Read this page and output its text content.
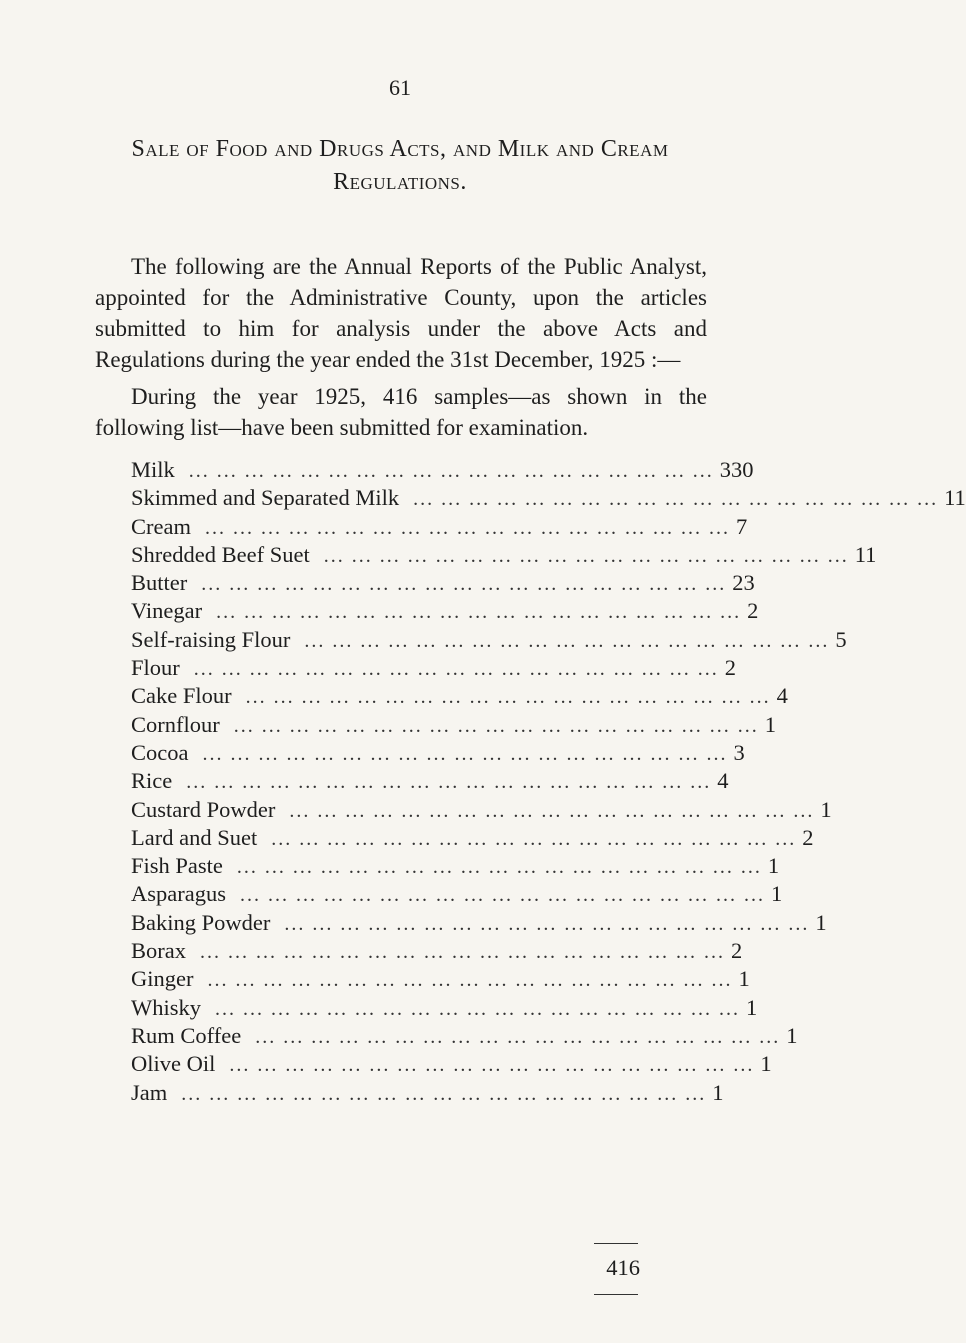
61
Sale of Food and Drugs Acts, and Milk and Cream
Regulations.

The following are the Annual Reports of the Public Analyst, appointed for the Administrative County, upon the articles submitted to him for analysis under the above Acts and Regulations during the year ended the 31st December, 1925 :—

During the year 1925, 416 samples—as shown in the following list—have been submitted for examination.

Milk ... ... ... ... ... ... ... ... ... ... ... ... ... ... ... ... ... ... ... 330
Skimmed and Separated Milk ... ... ... ... ... ... ... ... ... ... ... ... ... ... ... ... ... ... ... 11
Cream ... ... ... ... ... ... ... ... ... ... ... ... ... ... ... ... ... ... ... 7
Shredded Beef Suet ... ... ... ... ... ... ... ... ... ... ... ... ... ... ... ... ... ... ... 11
Butter ... ... ... ... ... ... ... ... ... ... ... ... ... ... ... ... ... ... ... 23
Vinegar ... ... ... ... ... ... ... ... ... ... ... ... ... ... ... ... ... ... ... 2
Self-raising Flour ... ... ... ... ... ... ... ... ... ... ... ... ... ... ... ... ... ... ... 5
Flour ... ... ... ... ... ... ... ... ... ... ... ... ... ... ... ... ... ... ... 2
Cake Flour ... ... ... ... ... ... ... ... ... ... ... ... ... ... ... ... ... ... ... 4
Cornflour ... ... ... ... ... ... ... ... ... ... ... ... ... ... ... ... ... ... ... 1
Cocoa ... ... ... ... ... ... ... ... ... ... ... ... ... ... ... ... ... ... ... 3
Rice ... ... ... ... ... ... ... ... ... ... ... ... ... ... ... ... ... ... ... 4
Custard Powder ... ... ... ... ... ... ... ... ... ... ... ... ... ... ... ... ... ... ... 1
Lard and Suet ... ... ... ... ... ... ... ... ... ... ... ... ... ... ... ... ... ... ... 2
Fish Paste ... ... ... ... ... ... ... ... ... ... ... ... ... ... ... ... ... ... ... 1
Asparagus ... ... ... ... ... ... ... ... ... ... ... ... ... ... ... ... ... ... ... 1
Baking Powder ... ... ... ... ... ... ... ... ... ... ... ... ... ... ... ... ... ... ... 1
Borax ... ... ... ... ... ... ... ... ... ... ... ... ... ... ... ... ... ... ... 2
Ginger ... ... ... ... ... ... ... ... ... ... ... ... ... ... ... ... ... ... ... 1
Whisky ... ... ... ... ... ... ... ... ... ... ... ... ... ... ... ... ... ... ... 1
Rum Coffee ... ... ... ... ... ... ... ... ... ... ... ... ... ... ... ... ... ... ... 1
Olive Oil ... ... ... ... ... ... ... ... ... ... ... ... ... ... ... ... ... ... ... 1
Jam ... ... ... ... ... ... ... ... ... ... ... ... ... ... ... ... ... ... ... 1
416
